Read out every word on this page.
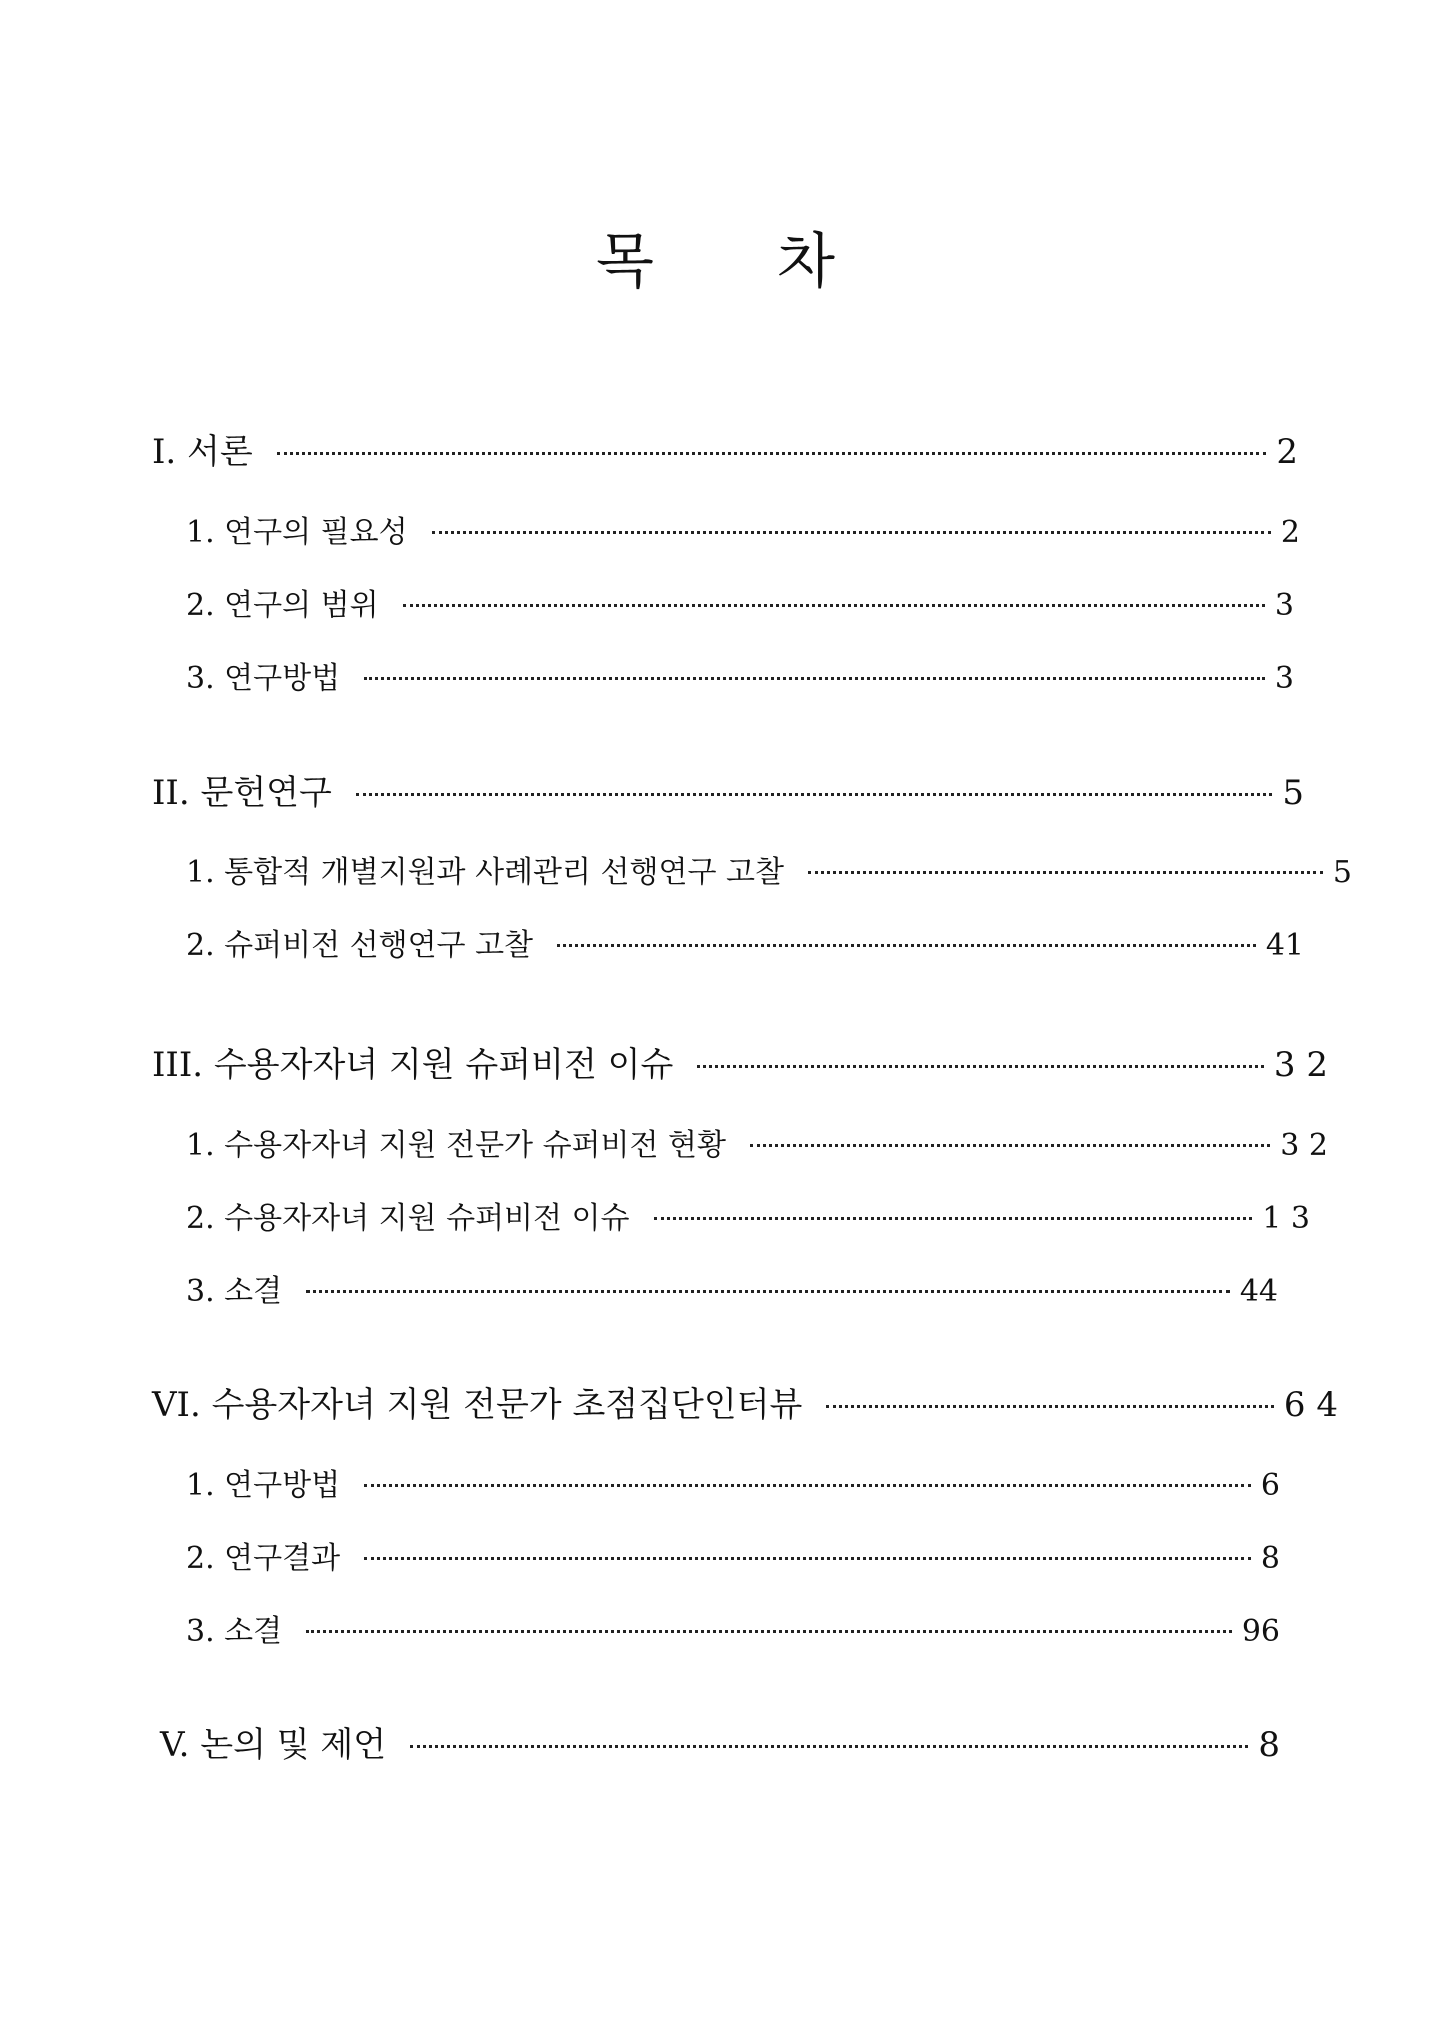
목 차
I. 서론	2
1. 연구의 필요성	2
2. 연구의 범위	3
3. 연구방법	3
II. 문헌연구	5
1. 통합적 개별지원과 사례관리 선행연구 고찰	5
2. 슈퍼비전 선행연구 고찰	41
III. 수용자자녀 지원 슈퍼비전 이슈	3 2
1. 수용자자녀 지원 전문가 슈퍼비전 현황	3 2
2. 수용자자녀 지원 슈퍼비전 이슈	1 3
3. 소결	44
VI. 수용자자녀 지원 전문가 초점집단인터뷰	6 4
1. 연구방법	6
2. 연구결과	8
3. 소결	96
V. 논의 및 제언	8
